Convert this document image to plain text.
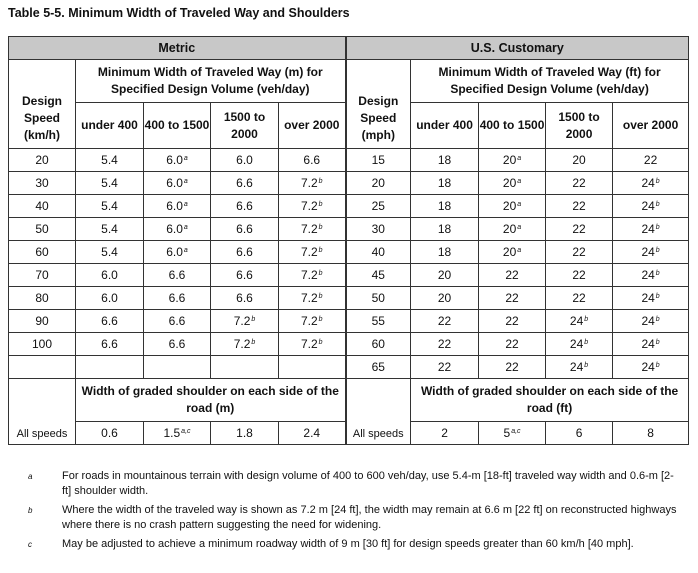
Table 5-5. Minimum Width of Traveled Way and Shoulders
Metric					U.S. Customary				
Design Speed (km/h)	Minimum Width of Traveled Way (m) for Specified Design Volume (veh/day)				Design Speed (mph)	Minimum Width of Traveled Way (ft) for Specified Design Volume (veh/day)			
	under 400	400 to 1500	1500 to 2000	over 2000		under 400	400 to 1500	1500 to 2000	over 2000
20	5.4	6.0$^a$	6.0	6.6	15	18	20$^a$	20	22
30	5.4	6.0$^a$	6.6	7.2$^b$	20	18	20$^a$	22	24$^b$
40	5.4	6.0$^a$	6.6	7.2$^b$	25	18	20$^a$	22	24$^b$
50	5.4	6.0$^a$	6.6	7.2$^b$	30	18	20$^a$	22	24$^b$
60	5.4	6.0$^a$	6.6	7.2$^b$	40	18	20$^a$	22	24$^b$
70	6.0	6.6	6.6	7.2$^b$	45	20	22	22	24$^b$
80	6.0	6.6	6.6	7.2$^b$	50	20	22	22	24$^b$
90	6.6	6.6	7.2$^b$	7.2$^b$	55	22	22	24$^b$	24$^b$
100	6.6	6.6	7.2$^b$	7.2$^b$	60	22	22	24$^b$	24$^b$
					65	22	22	24$^b$	24$^b$
All speeds	Width of graded shoulder on each side of the road (m)				All speeds	Width of graded shoulder on each side of the road (ft)			
	0.6	1.5$^{a,c}$	1.8	2.4		2	5$^{a,c}$	6	8
a	For roads in mountainous terrain with design volume of 400 to 600 veh/day, use 5.4-m [18-ft] traveled way width and 0.6-m [2-ft] shoulder width.
b	Where the width of the traveled way is shown as 7.2 m [24 ft], the width may remain at 6.6 m [22 ft] on reconstructed highways where there is no crash pattern suggesting the need for widening.
c	May be adjusted to achieve a minimum roadway width of 9 m [30 ft] for design speeds greater than 60 km/h [40 mph].
